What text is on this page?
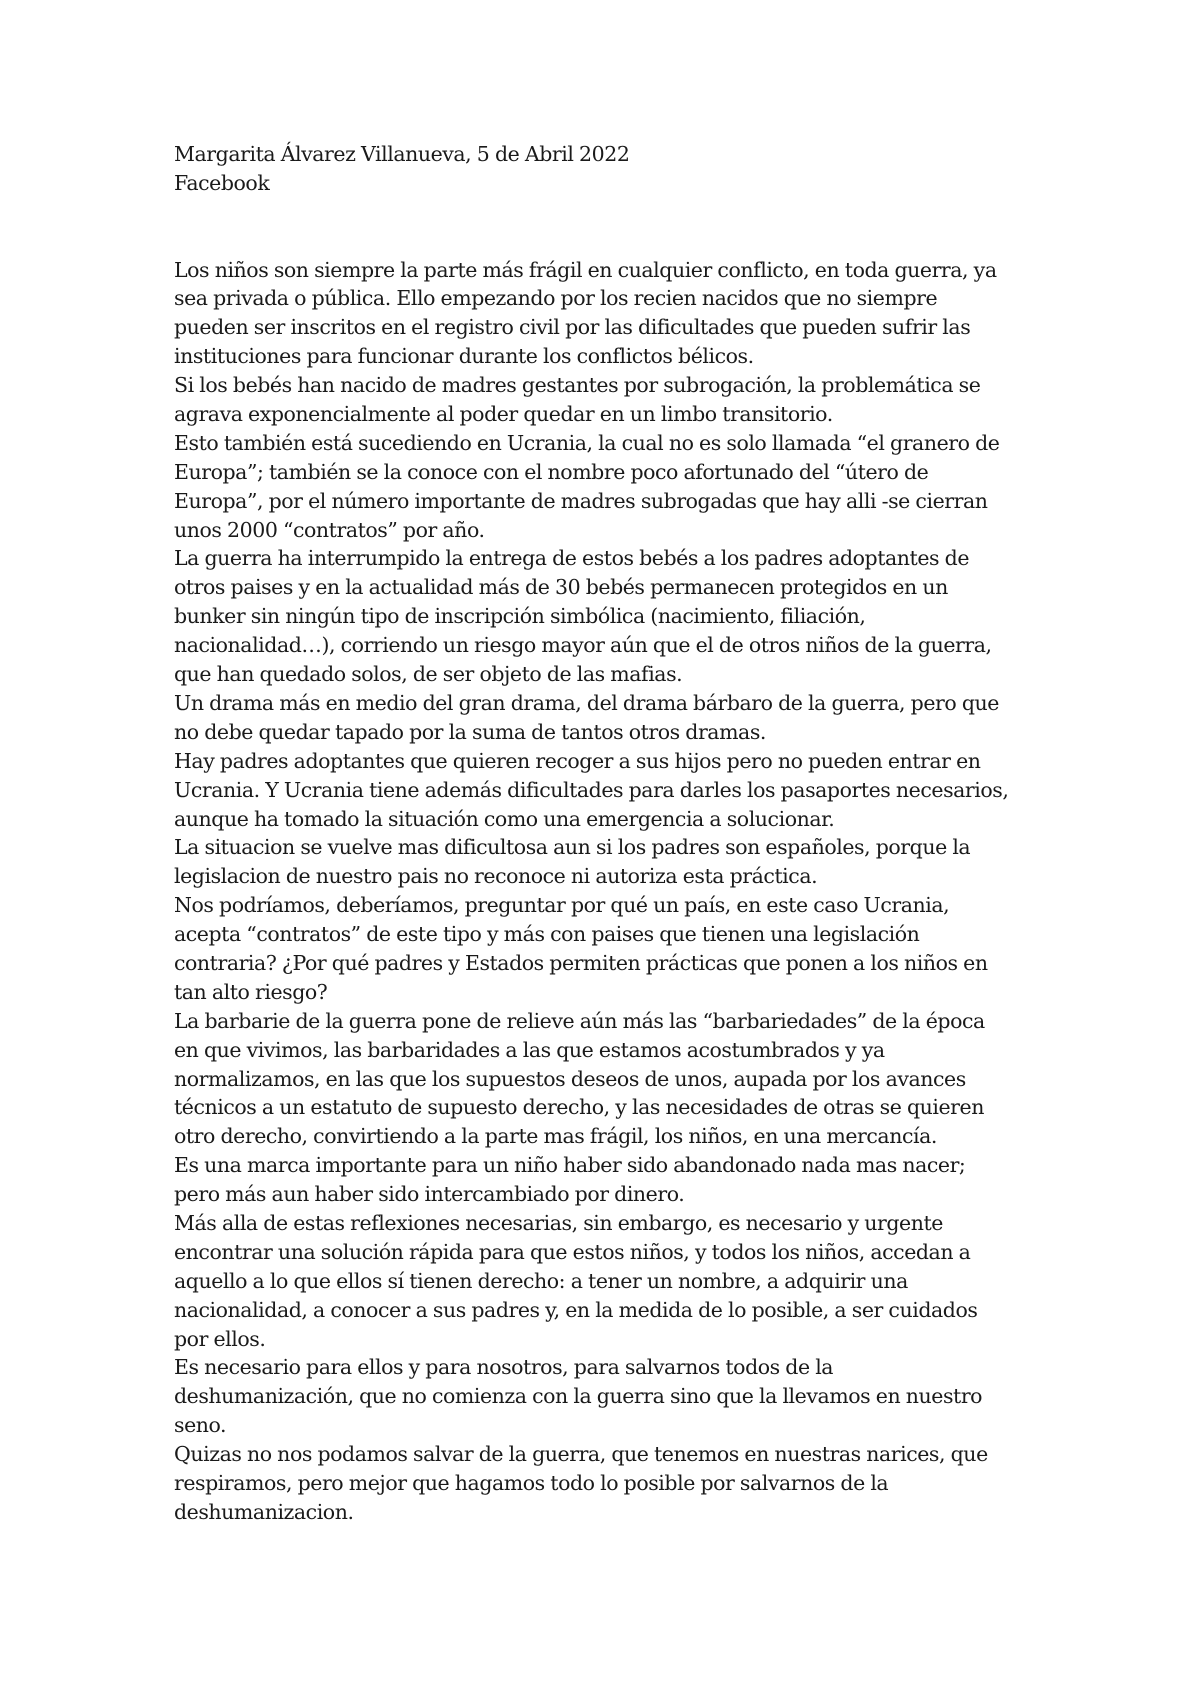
Margarita Álvarez Villanueva, 5 de Abril 2022
Facebook
Los niños son siempre la parte más frágil en cualquier conflicto, en toda guerra, ya
sea privada o pública. Ello empezando por los recien nacidos que no siempre
pueden ser inscritos en el registro civil por las dificultades que pueden sufrir las
instituciones para funcionar durante los conflictos bélicos.
Si los bebés han nacido de madres gestantes por subrogación, la problemática se
agrava exponencialmente al poder quedar en un limbo transitorio.
Esto también está sucediendo en Ucrania, la cual no es solo llamada “el granero de
Europa”; también se la conoce con el nombre poco afortunado del “útero de
Europa”, por el número importante de madres subrogadas que hay alli -se cierran
unos 2000 “contratos” por año.
La guerra ha interrumpido la entrega de estos bebés a los padres adoptantes de
otros paises y en la actualidad más de 30 bebés permanecen protegidos en un
bunker sin ningún tipo de inscripción simbólica (nacimiento, filiación,
nacionalidad…), corriendo un riesgo mayor aún que el de otros niños de la guerra,
que han quedado solos, de ser objeto de las mafias.
Un drama más en medio del gran drama, del drama bárbaro de la guerra, pero que
no debe quedar tapado por la suma de tantos otros dramas.
Hay padres adoptantes que quieren recoger a sus hijos pero no pueden entrar en
Ucrania. Y Ucrania tiene además dificultades para darles los pasaportes necesarios,
aunque ha tomado la situación como una emergencia a solucionar.
La situacion se vuelve mas dificultosa aun si los padres son españoles, porque la
legislacion de nuestro pais no reconoce ni autoriza esta práctica.
Nos podríamos, deberíamos, preguntar por qué un país, en este caso Ucrania,
acepta “contratos” de este tipo y más con paises que tienen una legislación
contraria? ¿Por qué padres y Estados permiten prácticas que ponen a los niños en
tan alto riesgo?
La barbarie de la guerra pone de relieve aún más las “barbariedades” de la época
en que vivimos, las barbaridades a las que estamos acostumbrados y ya
normalizamos, en las que los supuestos deseos de unos, aupada por los avances
técnicos a un estatuto de supuesto derecho, y las necesidades de otras se quieren
otro derecho, convirtiendo a la parte mas frágil, los niños, en una mercancía.
Es una marca importante para un niño haber sido abandonado nada mas nacer;
pero más aun haber sido intercambiado por dinero.
Más alla de estas reflexiones necesarias, sin embargo, es necesario y urgente
encontrar una solución rápida para que estos niños, y todos los niños, accedan a
aquello a lo que ellos sí tienen derecho: a tener un nombre, a adquirir una
nacionalidad, a conocer a sus padres y, en la medida de lo posible, a ser cuidados
por ellos.
Es necesario para ellos y para nosotros, para salvarnos todos de la
deshumanización, que no comienza con la guerra sino que la llevamos en nuestro
seno.
Quizas no nos podamos salvar de la guerra, que tenemos en nuestras narices, que
respiramos, pero mejor que hagamos todo lo posible por salvarnos de la
deshumanizacion.
